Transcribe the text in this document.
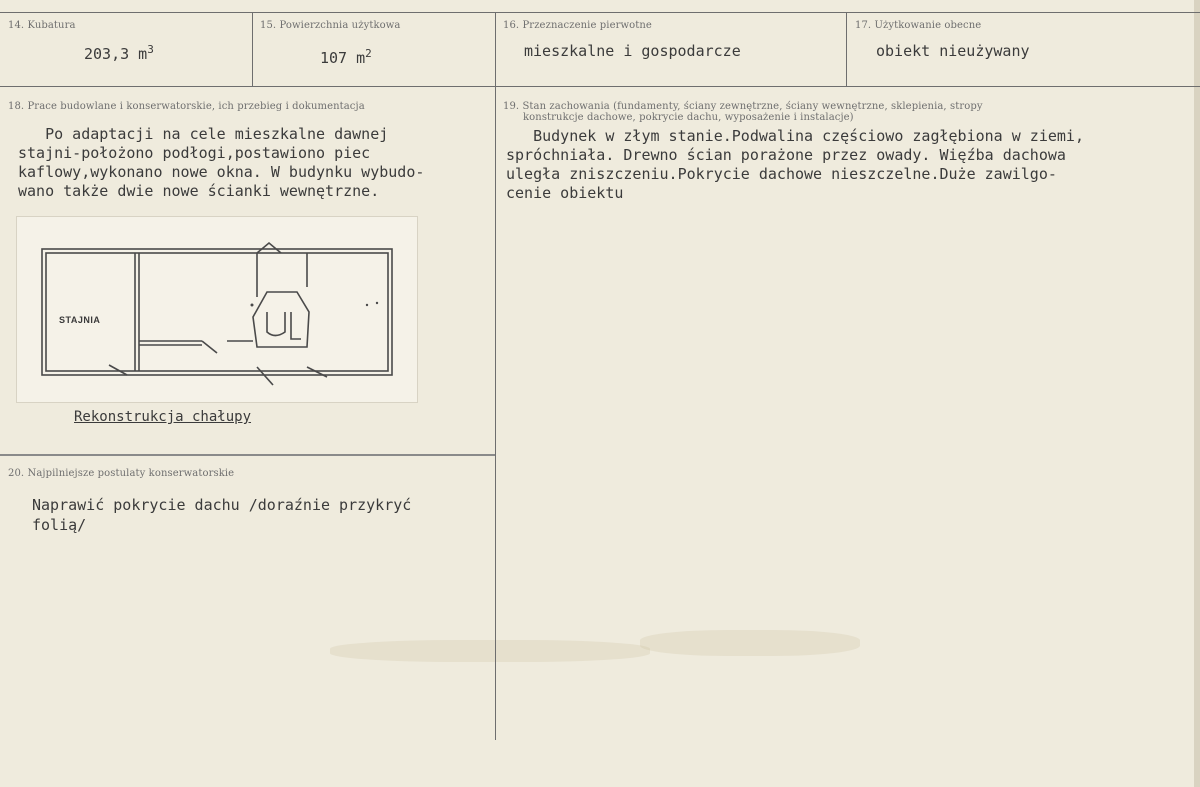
14. Kubatura
203,3 $m^3$
15. Powierzchnia użytkowa
107 $m^2$
16. Przeznaczenie pierwotne
mieszkalne i gospodarcze
17. Użytkowanie obecne
obiekt nieużywany
18. Prace budowlane i konserwatorskie, ich przebieg i dokumentacja
Po adaptacji na cele mieszkalne dawnej
stajni-położono podłogi,postawiono piec
kaflowy,wykonano nowe okna. W budynku wybudo-
wano także dwie nowe ścianki wewnętrzne.
STAJNIA
Rekonstrukcja chałupy
19. Stan zachowania (fundamenty, ściany zewnętrzne, ściany wewnętrzne, sklepienia, stropy
konstrukcje dachowe, pokrycie dachu, wyposażenie i instalacje)
Budynek w złym stanie.Podwalina częściowo zagłębiona w ziemi,
spróchniała. Drewno ścian porażone przez owady. Więźba dachowa
uległa zniszczeniu.Pokrycie dachowe nieszczelne.Duże zawilgo-
cenie obiektu
20. Najpilniejsze postulaty konserwatorskie
Naprawić pokrycie dachu /doraźnie przykryć
folią/
